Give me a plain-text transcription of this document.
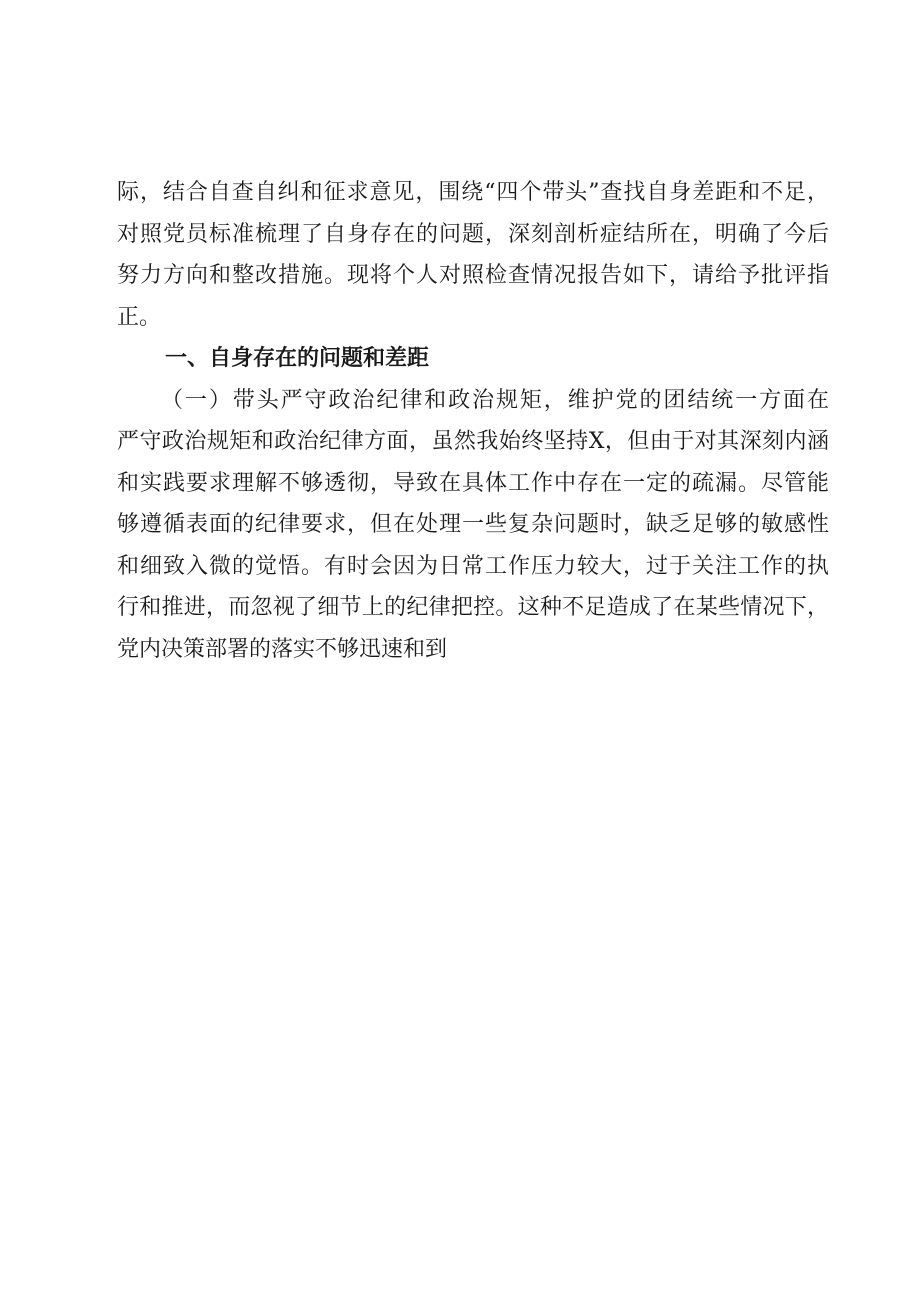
际，结合自查自纠和征求意见，围绕“四个带头”查找自身差距和不足，
对照党员标准梳理了自身存在的问题，深刻剖析症结所在，明确了今后
努力方向和整改措施。现将个人对照检查情况报告如下，请给予批评指
正。
一、自身存在的问题和差距
（一）带头严守政治纪律和政治规矩，维护党的团结统一方面在
严守政治规矩和政治纪律方面，虽然我始终坚持X，但由于对其深刻内涵
和实践要求理解不够透彻，导致在具体工作中存在一定的疏漏。尽管能
够遵循表面的纪律要求，但在处理一些复杂问题时，缺乏足够的敏感性
和细致入微的觉悟。有时会因为日常工作压力较大，过于关注工作的执
行和推进，而忽视了细节上的纪律把控。这种不足造成了在某些情况下，
党内决策部署的落实不够迅速和到
